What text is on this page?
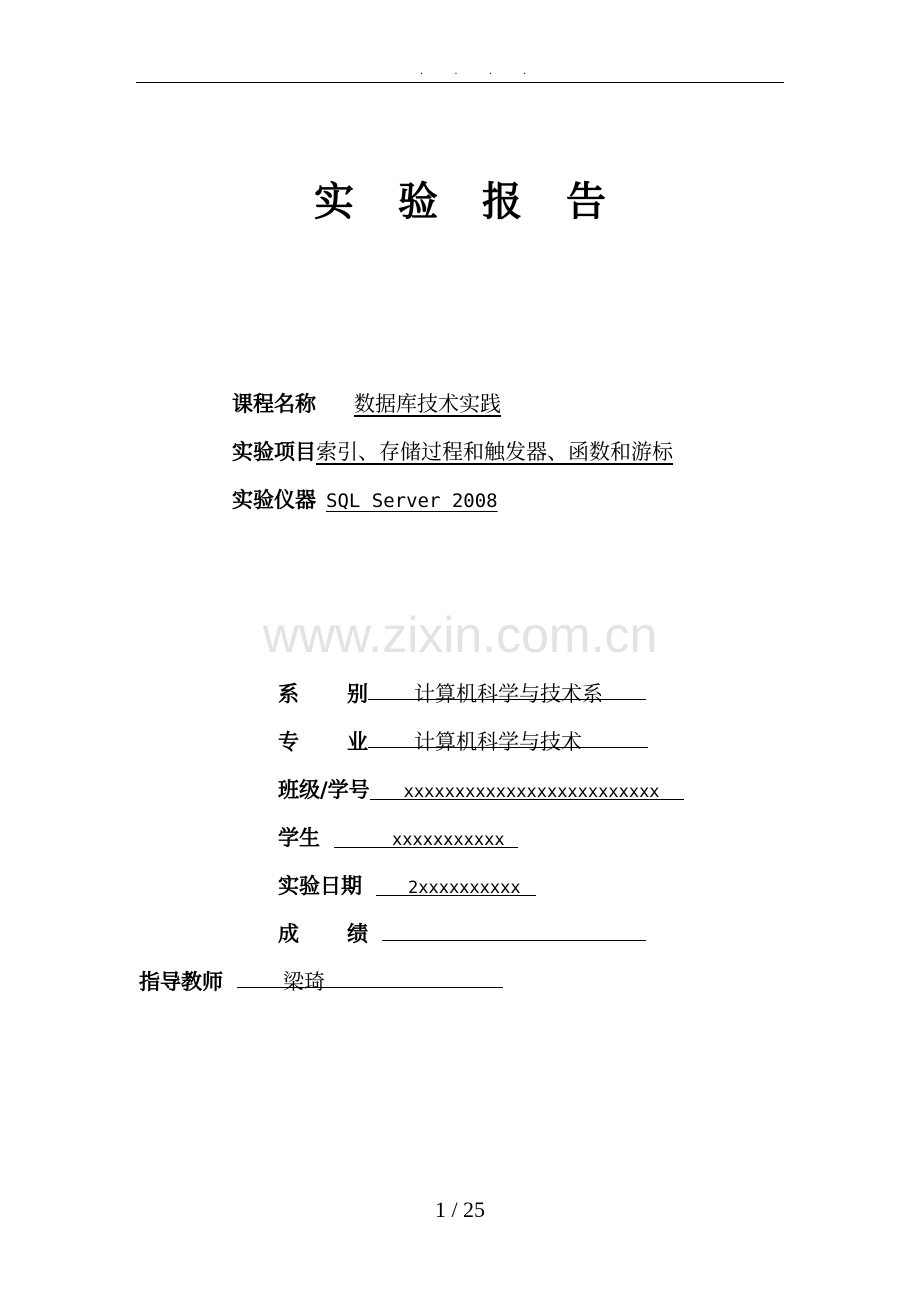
. . . .
实 验 报 告
课程名称	数据库技术实践
实验项目 索引、存储过程和触发器、函数和游标
实验仪器 SQL Server 2008
www.zixin.com.cn
系 别	计算机科学与技术系
专 业	计算机科学与技术
班级/学号	xxxxxxxxxxxxxxxxxxxxxxxxx
学生	xxxxxxxxxxx
实验日期	2xxxxxxxxxx
成 绩
指导教师	梁琦
1 / 25
